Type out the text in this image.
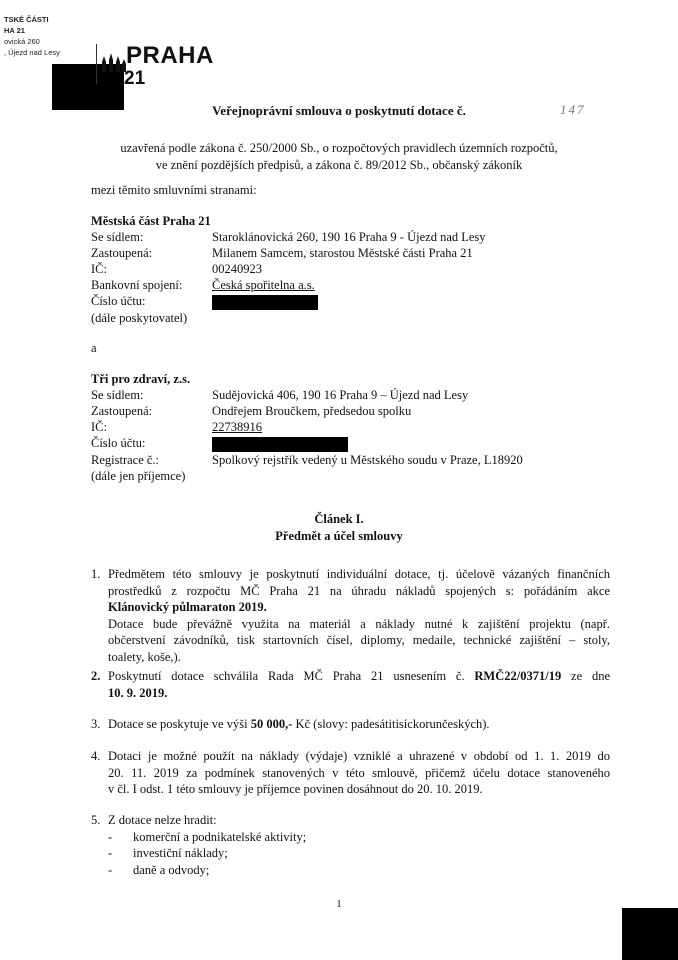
TSKÉ ČÁSTI
HA 21
ovická 260
, Újezd nad Lesy	PRAHA
21
Veřejnoprávní smlouva o poskytnutí dotace č.	147
uzavřená podle zákona č. 250/2000 Sb., o rozpočtových pravidlech územních rozpočtů,
ve znění pozdějších předpisů, a zákona č. 89/2012 Sb., občanský zákoník
mezi těmito smluvními stranami:
Městská část Praha 21
Se sídlem:	Staroklánovická 260, 190 16 Praha 9 - Újezd nad Lesy
Zastoupená:	Milanem Samcem, starostou Městské části Praha 21
IČ:	00240923
Bankovní spojení:	Česká spořitelna a.s.
Číslo účtu:	
(dále poskytovatel)
a
Tři pro zdraví, z.s.
Se sídlem:	Sudějovická 406, 190 16 Praha 9 – Újezd nad Lesy
Zastoupená:	Ondřejem Broučkem, předsedou spolku
IČ:	22738916
Číslo účtu:	
Registrace č.:	Spolkový rejstřík vedený u Městského soudu v Praze, L18920
(dále jen příjemce)
Článek I.
Předmět a účel smlouvy
1. Předmětem této smlouvy je poskytnutí individuální dotace, tj. účelově vázaných finančních
prostředků z rozpočtu MČ Praha 21 na úhradu nákladů spojených s: pořádáním akce
Klánovický půlmaraton 2019.
Dotace bude převážně využita na materiál a náklady nutné k zajištění projektu (např.
občerstvení závodníků, tisk startovních čísel, diplomy, medaile, technické zajištění – stoly,
toalety, koše,).
2. Poskytnutí dotace schválila Rada MČ Praha 21 usnesením č. RMČ22/0371/19 ze dne
10. 9. 2019.
3. Dotace se poskytuje ve výši 50 000,- Kč (slovy: padesátitisíckorunčeských).
4. Dotaci je možné použít na náklady (výdaje) vzniklé a uhrazené v období od 1. 1. 2019 do
20. 11. 2019 za podmínek stanovených v této smlouvě, přičemž účelu dotace stanoveného
v čl. I odst. 1 této smlouvy je příjemce povinen dosáhnout do 20. 10. 2019.
5. Z dotace nelze hradit:
- komerční a podnikatelské aktivity;
- investiční náklady;
- daně a odvody;
1
